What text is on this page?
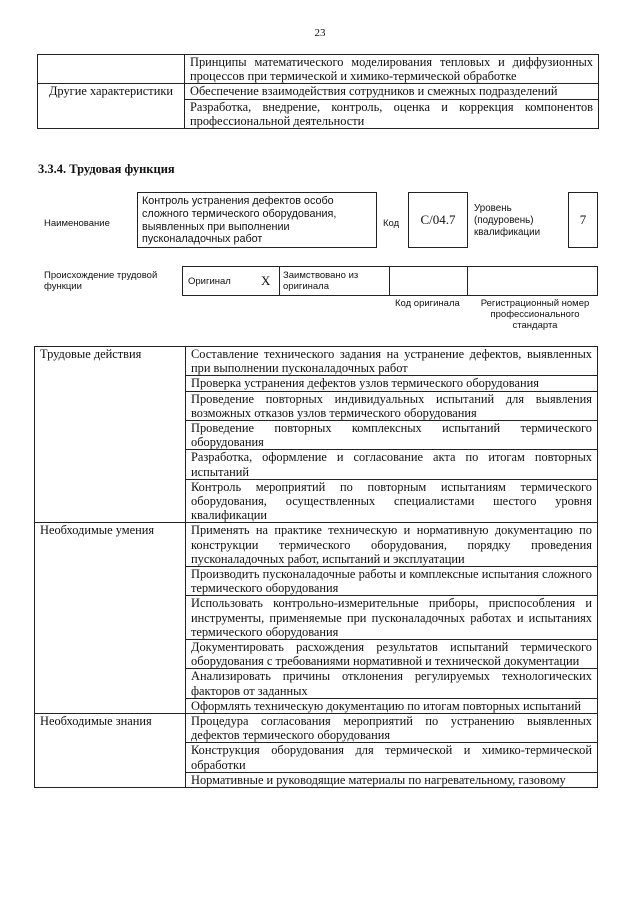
23
	Принципы математического моделирования тепловых и диффузионных процессов при термической и химико-термической обработке

Другие характеристики	Обеспечение взаимодействия сотрудников и смежных подразделений
	Разработка, внедрение, контроль, оценка и коррекция компонентов профессиональной деятельности
3.3.4. Трудовая функция
Наименование
Контроль устранения дефектов особо сложного термического оборудования, выявленных при выполнении пусконаладочных работ
Код С/04.7
Уровень (подуровень) квалификации
7
Происхождение трудовой функции	Оригинал X Заимствовано из оригинала
Код оригинала	Регистрационный номер профессионального стандарта
Трудовые действия	Составление технического задания на устранение дефектов, выявленных при выполнении пусконаладочных работ
	Проверка устранения дефектов узлов термического оборудования
	Проведение повторных индивидуальных испытаний для выявления возможных отказов узлов термического оборудования
	Проведение повторных комплексных испытаний термического оборудования
	Разработка, оформление и согласование акта по итогам повторных испытаний
	Контроль мероприятий по повторным испытаниям термического оборудования, осуществленных специалистами шестого уровня квалификации

Необходимые умения	Применять на практике техническую и нормативную документацию по конструкции термического оборудования, порядку проведения пусконаладочных работ, испытаний и эксплуатации
	Производить пусконаладочные работы и комплексные испытания сложного термического оборудования
	Использовать контрольно-измерительные приборы, приспособления и инструменты, применяемые при пусконаладочных работах и испытаниях термического оборудования
	Документировать расхождения результатов испытаний термического оборудования с требованиями нормативной и технической документации
	Анализировать причины отклонения регулируемых технологических факторов от заданных
	Оформлять техническую документацию по итогам повторных испытаний

Необходимые знания	Процедура согласования мероприятий по устранению выявленных дефектов термического оборудования
	Конструкция оборудования для термической и химико-термической обработки
	Нормативные и руководящие материалы по нагревательному, газовому
